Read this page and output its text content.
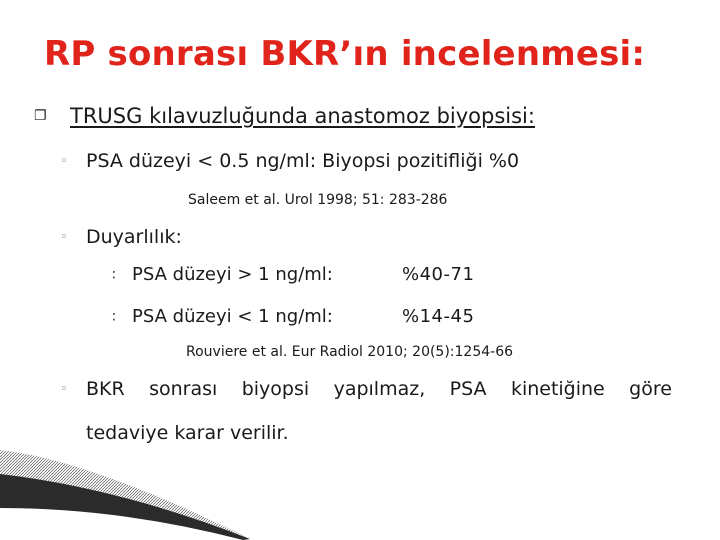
RP sonrası BKR’ın incelenmesi:
❐ TRUSG kılavuzluğunda anastomoz biyopsisi:
◦ PSA düzeyi < 0.5 ng/ml: Biyopsi pozitifliği %0
Saleem et al. Urol 1998; 51: 283-286
◦ Duyarlılık:
∶ PSA düzeyi > 1 ng/ml:	%40-71
∶ PSA düzeyi < 1 ng/ml:	%14-45
Rouviere et al. Eur Radiol 2010; 20(5):1254-66
◦ BKR sonrası biyopsi yapılmaz, PSA kinetiğine göre
tedaviye karar verilir.
